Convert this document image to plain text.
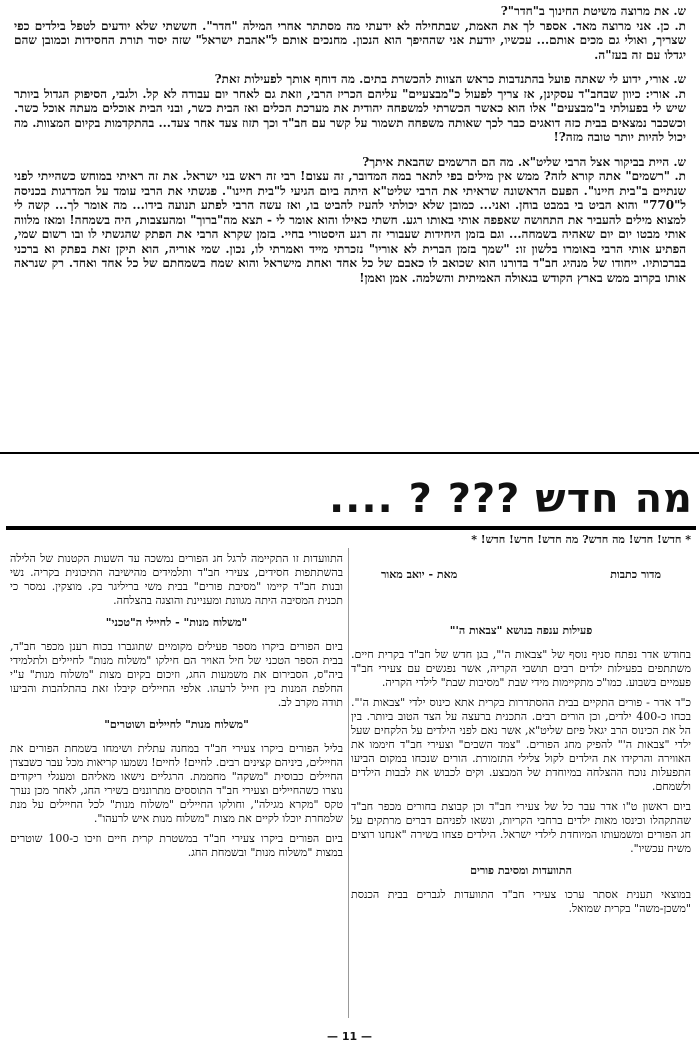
ש. את מרוצה משיטת החינוך ב"חדר"?

ת. כן. אני מרוצה מאד. אספר לך את האמת, שבתחילה לא ידעתי מה מסתתר אחרי המילה "חדר". חששתי שלא יודעים לטפל בילדים כפי שצריך, ואולי גם מכים אותם... עכשיו, יודעת אני שההיפך הוא הנכון. מחנכים אותם ל"אהבת ישראל" שזה יסוד תורת החסידות וכמובן שהם יגדלו עם זה בעז"ה.

ש. אורי, ידוע לי שאתה פועל בהתנדבות כראש הצוות להכשרת בתים. מה דוחף אותך לפעילות זאת?

ת. אורי: כיוון שבחב"ד עסקינן, אז צריך לפעול כ"מבצעיים" עליהם הכריז הרבי, וזאת גם לאחר יום עבודה לא קל. ולגבי, הסיפוק הגדול ביותר שיש לי בפעולתי ב"מבצעים" אלו הוא כאשר הכשרתי למשפחה יהודית את מערכת הכלים ואז הבית כשר, ובני הבית אוכלים מעתה אוכל כשר. וכשכבר נמצאים בבית כזה דואגים כבר לכך שאותה משפחה תשמור על קשר עם חב"ד וכך תזוז צעד אחר צעד... בהתקדמות בקיום המצוות. מה יכול להיות יותר טובה מזה?!

ש. היית בביקור אצל הרבי שליט"א. מה הם הרשמים שהבאת איתך?

ת. "רשמים" אתה קורא לזה? ממש אין מילים בפי לתאר במה המדובר, זה עצום! רבי זה ראש בני ישראל. את זה ראיתי במוחש כשהייתי לפני שנתיים ב"בית חיינו". הפעם הראשונה שראיתי את הרבי שליט"א היתה ביום הגיעי ל"בית חיינו". פגשתי את הרבי עומד על המדרגות בכניסה ל"770" והוא הביט בי במבט בוחן. ואני... כמובן שלא יכולתי להעיז להביט בו, ואז עשה הרבי לפתע תנועה בידו... מה אומר לך... קשה לי למצוא מילים להעביר את התחושה שאפפה אותי באותו רגע. חשתי כאילו והוא אומר לי - תצא מה"ברוך" ומהעצבות, היה בשמחה! ומאז מלווה אותי מבטו יום יום שאהיה בשמחה... וגם בזמן היחידות שעבורי זה רגע היסטורי בחיי. בזמן שקרא הרבי את הפתק שהגשתי לו ובו רשום שמי, הפתיע אותי הרבי באומרו בלשון זו: "שמך בזמן הברית לא אוריו" נזכרתי מייד ואמרתי לו, נכון. שמי אוריה, הוא תיקן זאת בפתק וא ברכני בברכותיו. ייחודו של מנהיג חב"ד בדורנו הוא שכואב לו כאבם של כל אחד ואחת מישראל והוא שמח בשמחתם של כל אחד ואחד. רק שנראה אותו בקרוב ממש בארץ הקודש בגאולה האמיתית והשלמה. אמן ואמן!

מה חדש ??? ? ....
* חדש! חדש! מה חדש? מה חדש! חדש! חדש! *
מדור כתבות
מאת - יואב מאור
פעילות ענפה בנושא "צבאות ה'"

בחודש אדר נפתח סניף נוסף של "צבאות ה'", בגן חדש של חב"ד בקרית חיים. משתתפים בפעילות ילדים רבים תושבי הקריה, אשר נפגשים עם צעירי חב"ד פעמיים בשבוע. כמו"כ מתקיימות מידי שבת "מסיבות שבת" לילדי הקריה.

כ"ד אדר - פורים התקיים בבית ההסתדרות בקרית אתא כינוס ילדי "צבאות ה'". בכחו כ-400 ילדים, וכן הורים רבים. התכנית ברעצה על הצד הטוב ביותר. בין הל את הכינוס הרב יגאל פיזם שליט"א, אשר נאם לפני הילדים על הלקחים שעל ילדי "צבאות ה'" להפיק מחג הפורים. "צמד השבים" וצעירי חב"ד חיממו את האווירה והרקידו את הילדים לקול צלילי התזמורת. הורים שנכחו במקום הביעו התפעלות נוכח ההצלחה במיוחדת של המבצע. וקים לכבוש את לבבות הילדים ולשמחם.

ביום ראשון ט"ו אדר עבר כל של צעירי חב"ד וכן קבוצת בחורים מכפר חב"ד שהתקהלו וכינסו מאות ילדים ברחבי הקריות, ונשאו לפניהם דברים מרתקים על חג הפורים ומשמעותו המיוחדת לילדי ישראל. הילדים פצחו בשירה "אנחנו רוצים משיח עכשיו".

התוועדות ומסיבת פורים

במוצאי תענית אסתר ערכו צעירי חב"ד התוועדות לגברים בבית הכנסת "משכן-משה" בקרית שמואל.

התוועדות זו התקיימה לרגל חג הפורים נמשכה עד השעות הקטנות של הלילה בהשתתפות חסידים, צעירי חב"ד ותלמידים מהישיבה התיכונית בקריה. נשי ובנות חב"ד קיימו "מסיבת פורים" בבית משי בריליגר בק. מוצקין. נמסר כי תכנית המסיבה היתה מגוונת ומעניינת והוצגה בהצלחה.

"משלוח מנות" - לחיילי ה"טכני"

ביום הפורים ביקרו מספר פעילים מקומיים שתוגברו בכוח רענן מכפר חב"ד, בבית הספר הטכני של חיל האויר הם חילקו "משלוח מנות" לחיילים ולתלמידי ביה"ס, הסבירום את משמעות החג, וזיכום בקיום מצות "משלוח מנות" ע"י החלפת המנות בין חייל לרעהו. אלפי החיילים קיבלו זאת בהתלהבות והביעו תודה מקרב לב.

"משלוח מנות" לחיילים ושוטרים"

בליל הפורים ביקרו צעירי חב"ד במחנה עתלית ושימחו בשמחת הפורים את החיילים, ביניהם קצינים רבים. לחיים! לחיים! נשמעו קריאות מכל עבר כשבצדן החיילים כבוסית "משקה" מחממת. הרגליים נישאו מאליהם ומעגלי ריקודים נוצרו כשהחיילים וצעירי חב"ד התוססים מתרוננים בשירי החג, לאחר מכן נערך טקס "מקרא מגילה", וחולקו החיילים "משלוח מנות" לכל החיילים על מנת שלמחרת יוכלו לקיים את מצות "משלוח מנות איש לרעהו".

ביום הפורים ביקרו צעירי חב"ד במשטרת קרית חיים וזיכו כ-100 שוטרים במצות "משלוח מנות" ובשמחת החג.

— 11 —
